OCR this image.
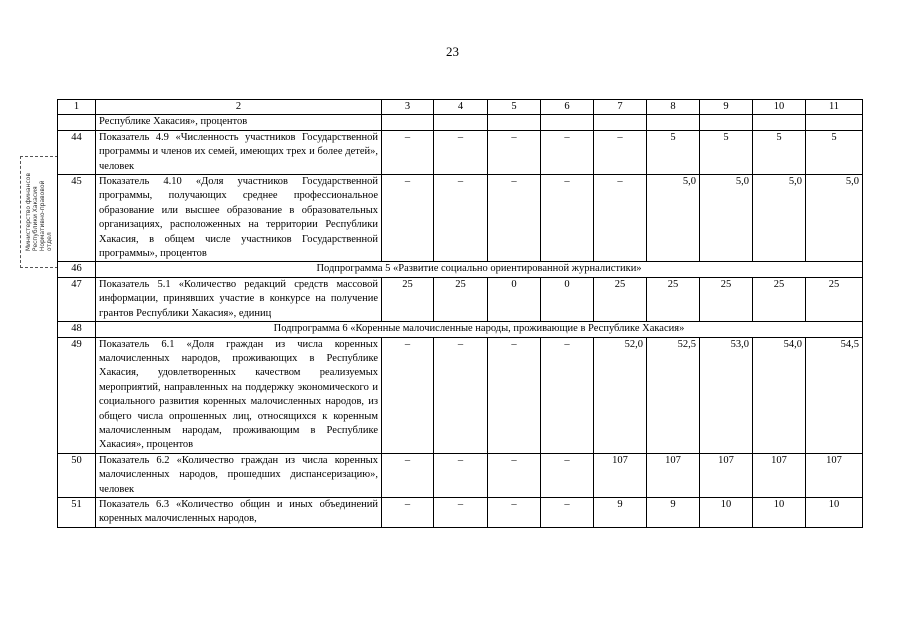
23
Министерство финансов
Республики Хакасия
Нормативно-правовой
отдел
1	2	3	4	5	6	7	8	9	10	11
	Республике Хакасия», процентов									
44	Показатель 4.9 «Численность участников Государственной программы и членов их семей, имеющих трех и более детей», человек	–	–	–	–	–	5	5	5	5
45	Показатель 4.10 «Доля участников Государственной программы, получающих среднее профессиональное образование или высшее образование в образовательных организациях, расположенных на территории Республики Хакасия, в общем числе участников Государственной программы», процентов	–	–	–	–	–	5,0	5,0	5,0	5,0
46	Подпрограмма 5 «Развитие социально ориентированной журналистики»									
47	Показатель 5.1 «Количество редакций средств массовой информации, принявших участие в конкурсе на получение грантов Республики Хакасия», единиц	25	25	0	0	25	25	25	25	25
48	Подпрограмма 6 «Коренные малочисленные народы, проживающие в Республике Хакасия»									
49	Показатель 6.1 «Доля граждан из числа коренных малочисленных народов, проживающих в Республике Хакасия, удовлетворенных качеством реализуемых мероприятий, направленных на поддержку экономического и социального развития коренных малочисленных народов, из общего числа опрошенных лиц, относящихся к коренным малочисленным народам, проживающим в Республике Хакасия», процентов	–	–	–	–	52,0	52,5	53,0	54,0	54,5
50	Показатель 6.2 «Количество граждан из числа коренных малочисленных народов, прошедших диспансеризацию», человек	–	–	–	–	107	107	107	107	107
51	Показатель 6.3 «Количество общин и иных объединений коренных малочисленных народов,	–	–	–	–	9	9	10	10	10
